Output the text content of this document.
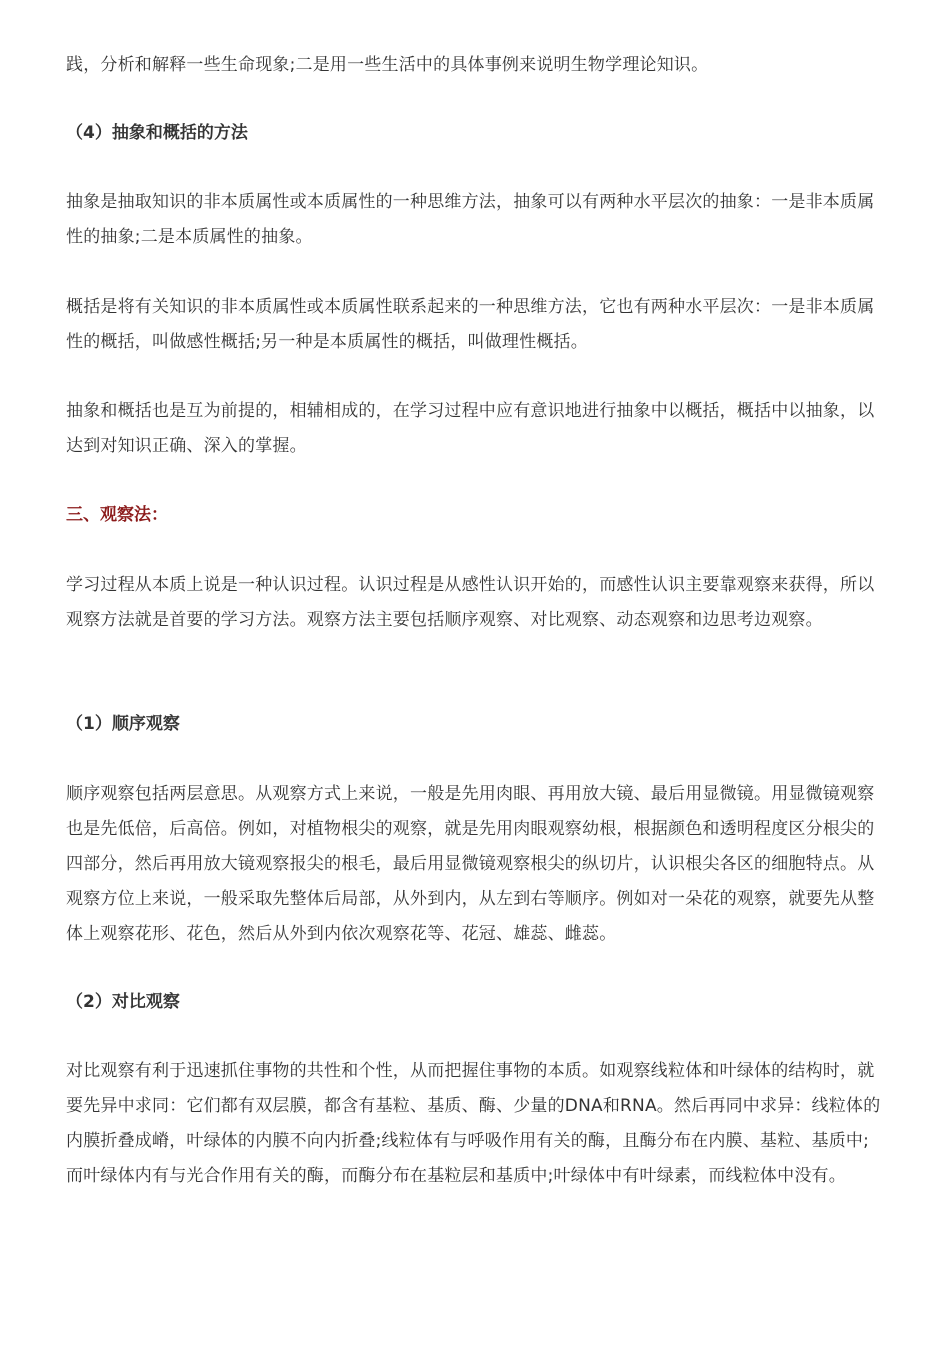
践，分析和解释一些生命现象;二是用一些生活中的具体事例来说明生物学理论知识。

（4）抽象和概括的方法

抽象是抽取知识的非本质属性或本质属性的一种思维方法，抽象可以有两种水平层次的抽象：一是非本质属性的抽象;二是本质属性的抽象。

概括是将有关知识的非本质属性或本质属性联系起来的一种思维方法，它也有两种水平层次：一是非本质属性的概括，叫做感性概括;另一种是本质属性的概括，叫做理性概括。

抽象和概括也是互为前提的，相辅相成的，在学习过程中应有意识地进行抽象中以概括，概括中以抽象，以达到对知识正确、深入的掌握。

三、观察法：

学习过程从本质上说是一种认识过程。认识过程是从感性认识开始的，而感性认识主要靠观察来获得，所以观察方法就是首要的学习方法。观察方法主要包括顺序观察、对比观察、动态观察和边思考边观察。

（1）顺序观察

顺序观察包括两层意思。从观察方式上来说，一般是先用肉眼、再用放大镜、最后用显微镜。用显微镜观察也是先低倍，后高倍。例如，对植物根尖的观察，就是先用肉眼观察幼根，根据颜色和透明程度区分根尖的四部分，然后再用放大镜观察报尖的根毛，最后用显微镜观察根尖的纵切片，认识根尖各区的细胞特点。从观察方位上来说，一般采取先整体后局部，从外到内，从左到右等顺序。例如对一朵花的观察，就要先从整体上观察花形、花色，然后从外到内依次观察花等、花冠、雄蕊、雌蕊。

（2）对比观察

对比观察有利于迅速抓住事物的共性和个性，从而把握住事物的本质。如观察线粒体和叶绿体的结构时，就要先异中求同：它们都有双层膜，都含有基粒、基质、酶、少量的DNA和RNA。然后再同中求异：线粒体的内膜折叠成嵴，叶绿体的内膜不向内折叠;线粒体有与呼吸作用有关的酶，且酶分布在内膜、基粒、基质中;而叶绿体内有与光合作用有关的酶，而酶分布在基粒层和基质中;叶绿体中有叶绿素，而线粒体中没有。
